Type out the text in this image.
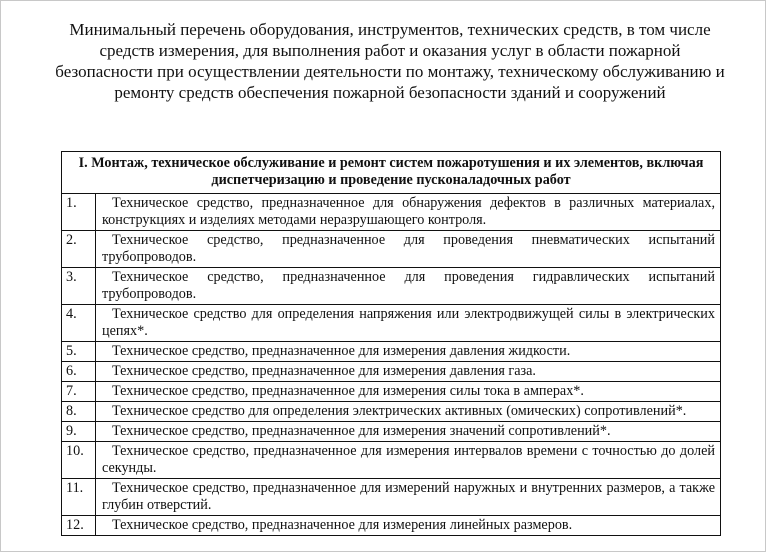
Минимальный перечень оборудования, инструментов, технических средств, в том числе средств измерения, для выполнения работ и оказания услуг в области пожарной безопасности при осуществлении деятельности по монтажу, техническому обслуживанию и ремонту средств обеспечения пожарной безопасности зданий и сооружений
I. Монтаж, техническое обслуживание и ремонт систем пожаротушения и их элементов, включая диспетчеризацию и проведение пусконаладочных работ	
1.	Техническое средство, предназначенное для обнаружения дефектов в различных материалах, конструкциях и изделиях методами неразрушающего контроля.
2.	Техническое средство, предназначенное для проведения пневматических испытаний трубопроводов.
3.	Техническое средство, предназначенное для проведения гидравлических испытаний трубопроводов.
4.	Техническое средство для определения напряжения или электродвижущей силы в электрических цепях*.
5.	Техническое средство, предназначенное для измерения давления жидкости.
6.	Техническое средство, предназначенное для измерения давления газа.
7.	Техническое средство, предназначенное для измерения силы тока в амперах*.
8.	Техническое средство для определения электрических активных (омических) сопротивлений*.
9.	Техническое средство, предназначенное для измерения значений сопротивлений*.
10.	Техническое средство, предназначенное для измерения интервалов времени с точностью до долей секунды.
11.	Техническое средство, предназначенное для измерений наружных и внутренних размеров, а также глубин отверстий.
12.	Техническое средство, предназначенное для измерения линейных размеров.
